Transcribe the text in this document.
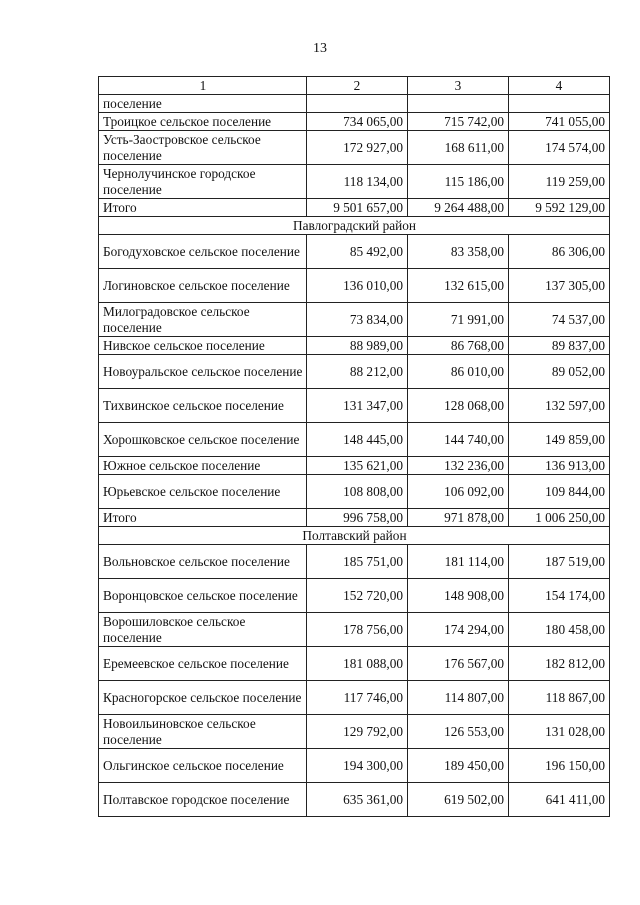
13
1	2	3	4
поселение			
Троицкое сельское поселение	734 065,00	715 742,00	741 055,00
Усть-Заостровское сельское поселение	172 927,00	168 611,00	174 574,00
Чернолучинское городское поселение	118 134,00	115 186,00	119 259,00
Итого	9 501 657,00	9 264 488,00	9 592 129,00
Павлоградский район			
Богодуховское сельское поселение	85 492,00	83 358,00	86 306,00
Логиновское сельское поселение	136 010,00	132 615,00	137 305,00
Милоградовское сельское поселение	73 834,00	71 991,00	74 537,00
Нивское сельское поселение	88 989,00	86 768,00	89 837,00
Новоуральское сельское поселение	88 212,00	86 010,00	89 052,00
Тихвинское сельское поселение	131 347,00	128 068,00	132 597,00
Хорошковское сельское поселение	148 445,00	144 740,00	149 859,00
Южное сельское поселение	135 621,00	132 236,00	136 913,00
Юрьевское сельское поселение	108 808,00	106 092,00	109 844,00
Итого	996 758,00	971 878,00	1 006 250,00
Полтавский район			
Вольновское сельское поселение	185 751,00	181 114,00	187 519,00
Воронцовское сельское поселение	152 720,00	148 908,00	154 174,00
Ворошиловское сельское поселение	178 756,00	174 294,00	180 458,00
Еремеевское сельское поселение	181 088,00	176 567,00	182 812,00
Красногорское сельское поселение	117 746,00	114 807,00	118 867,00
Новоильиновское сельское поселение	129 792,00	126 553,00	131 028,00
Ольгинское сельское поселение	194 300,00	189 450,00	196 150,00
Полтавское городское поселение	635 361,00	619 502,00	641 411,00
